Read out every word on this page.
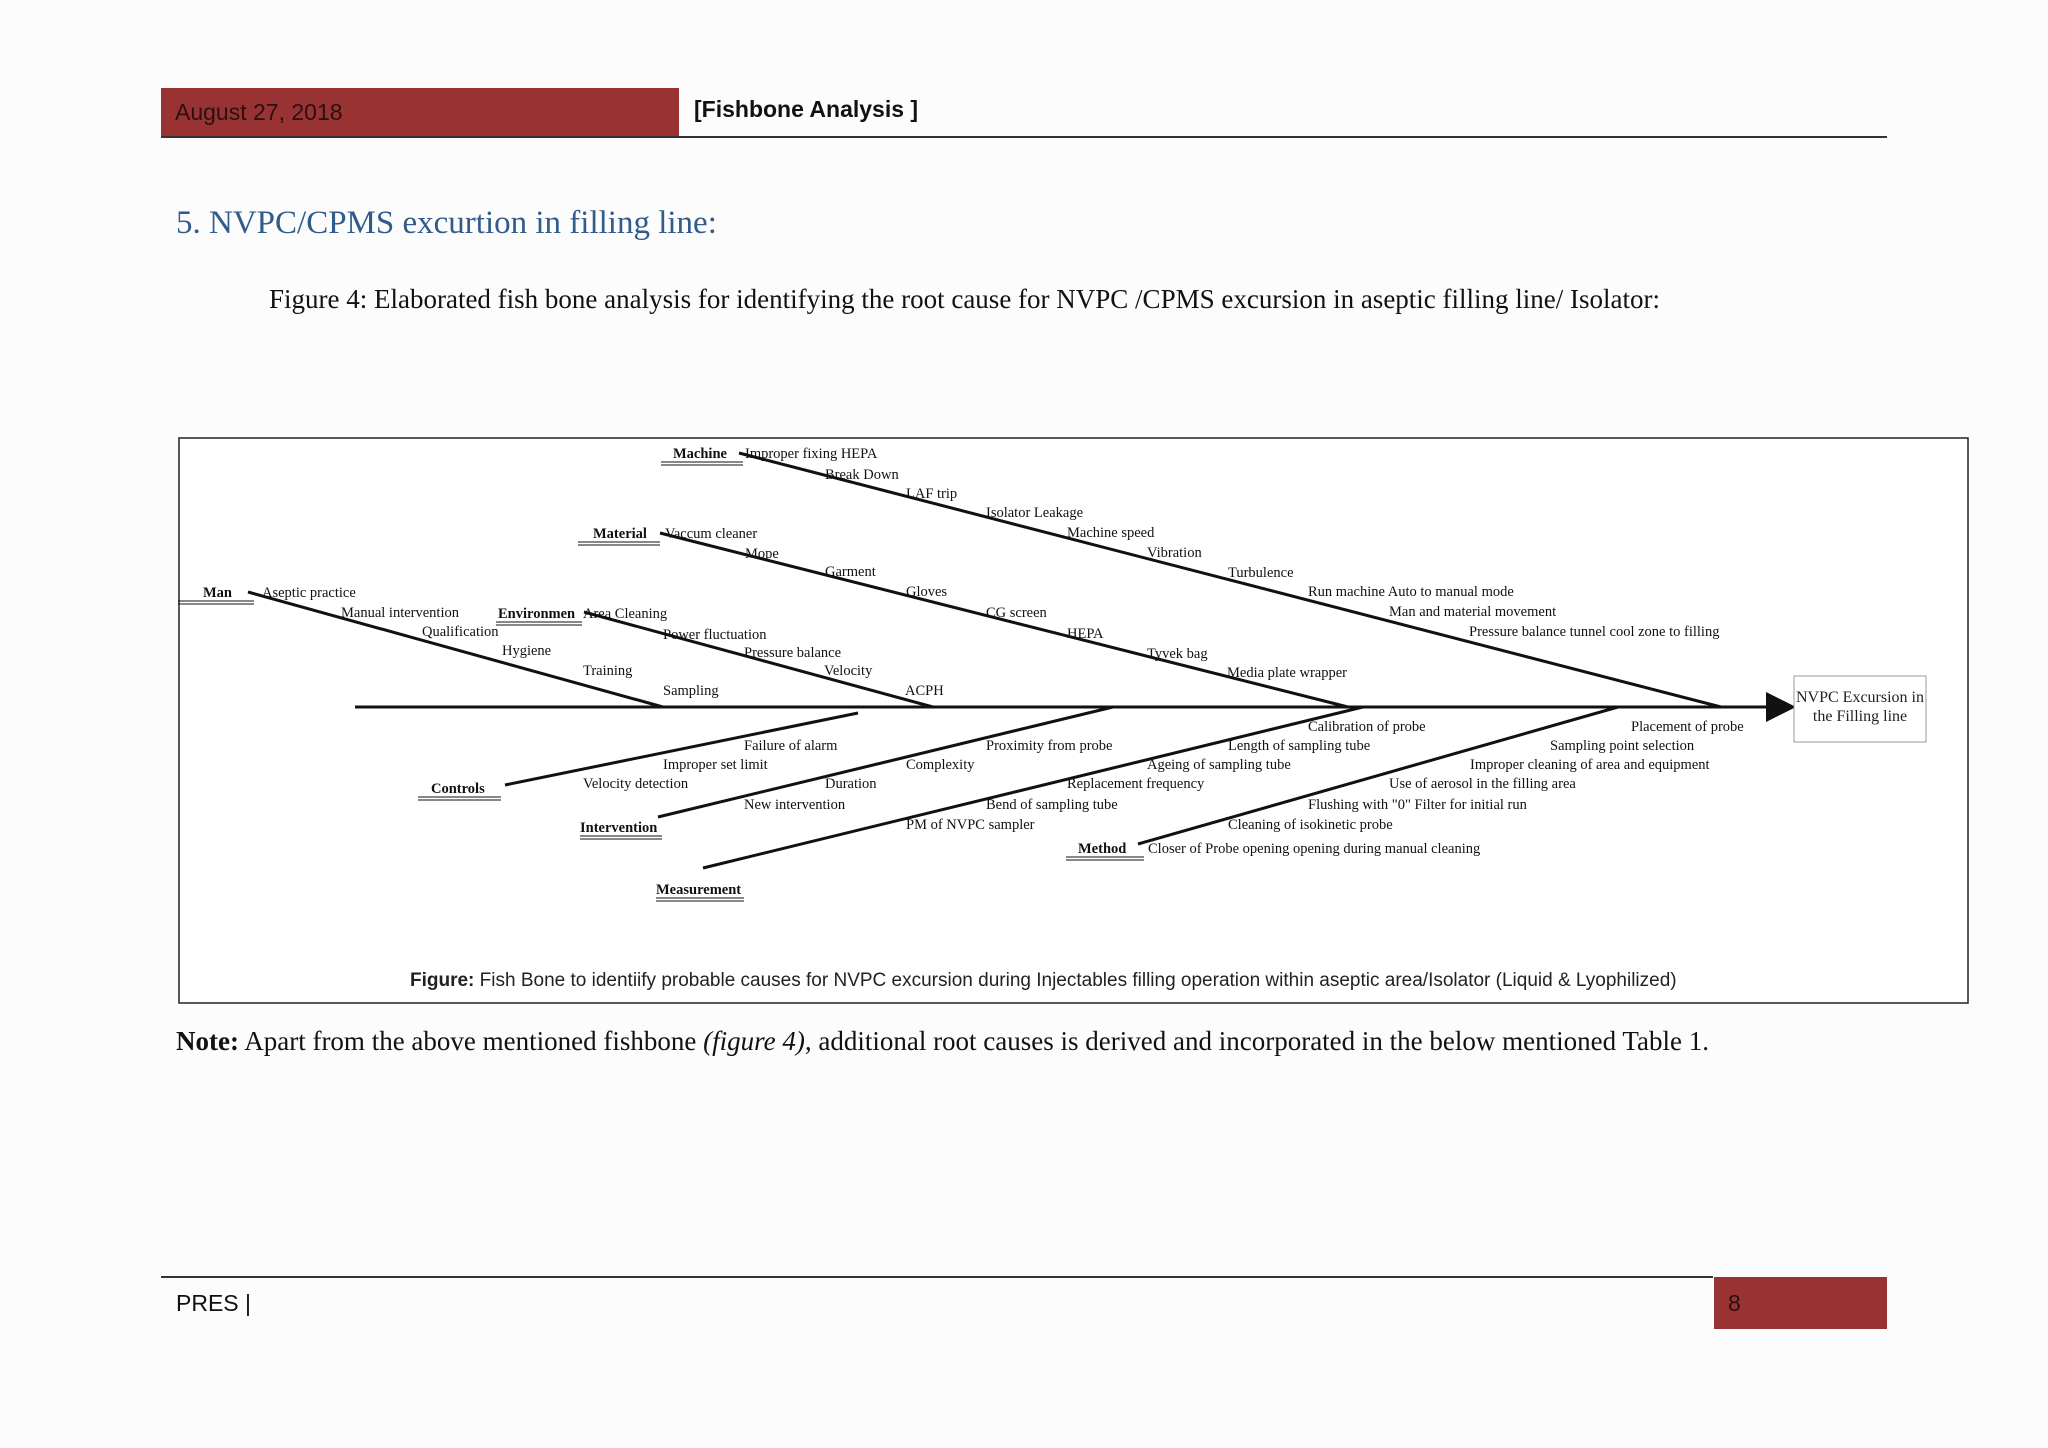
August 27, 2018	[Fishbone Analysis ]
5. NVPC/CPMS excurtion in filling line:
Figure 4: Elaborated fish bone analysis for identifying the root cause for NVPC /CPMS excursion in aseptic filling line/ Isolator:
NVPC Excursion in
the Filling line
Machine
Material
Man
Environmen
Controls
Intervention
Measurement
Method
Improper fixing HEPA
Break Down
LAF trip
Isolator Leakage
Machine speed
Vibration
Turbulence
Run machine Auto to manual mode
Man and material movement
Pressure balance tunnel cool zone to filling
Vaccum cleaner
Mope
Garment
Gloves
CG screen
HEPA
Tyvek bag
Media plate wrapper
Aseptic practice
Manual intervention
Qualification
Hygiene
Training
Sampling
Area Cleaning
Power fluctuation
Pressure balance
Velocity
ACPH
Failure of alarm
Improper set limit
Velocity detection	Duration
New intervention
Complexity
Proximity from probe
Replacement frequency
Bend of sampling tube
PM of NVPC sampler
Calibration of probe
Length of sampling tube
Ageing of sampling tube
Placement of probe
Sampling point selection
Improper cleaning of area and equipment
Use of aerosol in the filling area
Flushing with "0" Filter for initial run
Cleaning of isokinetic probe
Closer of Probe opening opening during manual cleaning
Figure: Fish Bone to identiify probable causes for NVPC excursion during Injectables filling operation within aseptic area/Isolator (Liquid & Lyophilized)
Note: Apart from the above mentioned fishbone (figure 4), additional root causes is derived and incorporated in the below mentioned Table 1.
PRES |	8
